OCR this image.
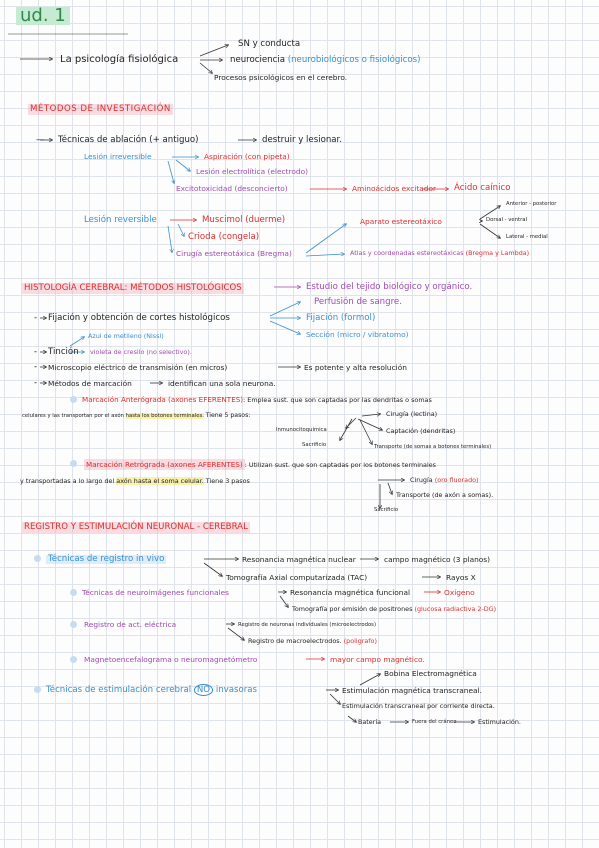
ud. 1
La psicología fisiológica
SN y conducta
neurociencia (neurobiológicos o fisiológicos)
Procesos psicológicos en el cerebro.
MÉTODOS DE INVESTIGACIÓN
— Técnicas de ablación (+ antiguo)	destruir y lesionar.
Lesión irreversible	Aspiración (con pipeta)
Lesión electrolítica (electrodo)
Excitotoxicidad (desconcierto)	Aminoácidos excitador Ácido caínico
Anterior - posterior
Lesión reversible	Muscimol (duerme)	Aparato estereotáxico	Dorsal - ventral
Crioda (congela)	Lateral - medial
Cirugía estereotáxica (Bregma)	Atlas y coordenadas estereotáxicas (Bregma y Lambda)
HISTOLOGÍA CEREBRAL: MÉTODOS HISTOLÓGICOS	Estudio del tejido biológico y orgánico.
Perfusión de sangre.
- Fijación y obtención de cortes histológicos	Fijación (formol)
Sección (micro / vibratomo)
Azul de metileno (Nissl)
- Tinción violeta de cresilo (no selectivo).
- Microscopio eléctrico de transmisión (en micros)	Es potente y alta resolución
- Métodos de marcación	identifican una sola neurona.
Marcación Anterógrada (axones EFERENTES): Emplea sust. que son captadas por las dendritas o somas
celulares y las transportan por el axón hasta los botones terminales. Tiene 5 pasos:	Cirugía (lectina)
Inmunocitoquímica	Captación (dendritas)
Sacrificio	Transporte (de somas a botones terminales)
Marcación Retrógrada (axones AFERENTES) : Utilizan sust. que son captadas por los botones terminales
y transportadas a lo largo del axón hasta el soma celular. Tiene 3 pasos	Cirugía (oro fluorado)
Transporte (de axón a somas).
Sacrificio
REGISTRO Y ESTIMULACIÓN NEURONAL - CEREBRAL
Técnicas de registro in vivo	Resonancia magnética nuclear	campo magnético (3 planos)
Tomografía Axial computarizada (TAC)	Rayos X
Técnicas de neuroimágenes funcionales	Resonancia magnética funcional	Oxígeno
Tomografía por emisión de positrones (glucosa radiactiva 2-DG)
Registro de act. eléctrica	Registro de neuronas individuales (microelectrodos)
Registro de macroelectrodos. (poligrafo)
Magnetoencefalograma o neuromagnetómetro	mayor campo magnético.
Bobina Electromagnética
Técnicas de estimulación cerebral NO invasoras	Estimulación magnética transcraneal.
Estimulación transcraneal por corriente directa.
Batería	Fuera del cráneo	Estimulación.
